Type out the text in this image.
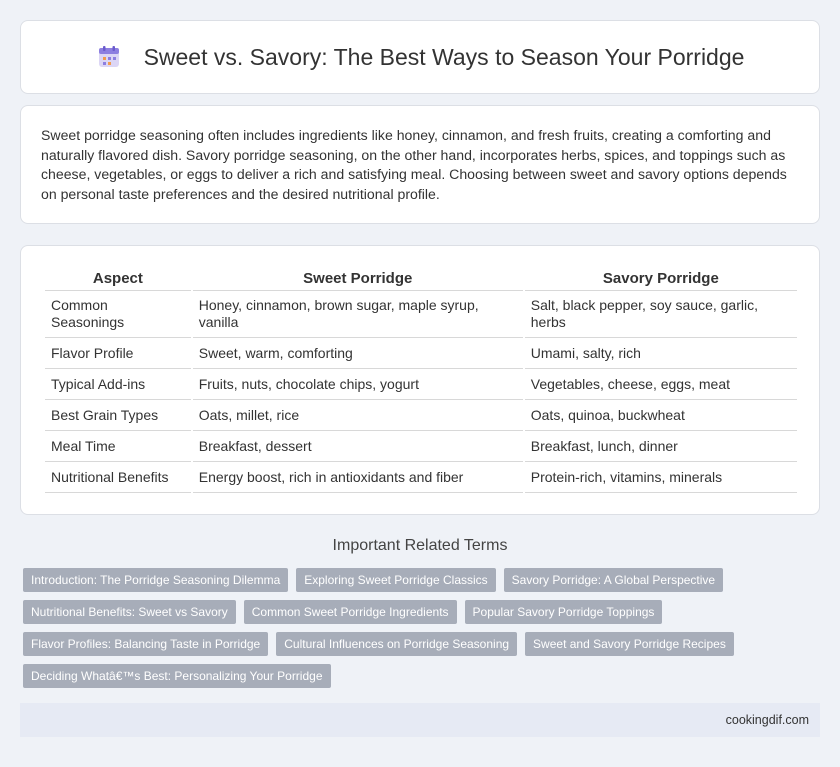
Sweet vs. Savory: The Best Ways to Season Your Porridge

Sweet porridge seasoning often includes ingredients like honey, cinnamon, and fresh fruits, creating a comforting and naturally flavored dish. Savory porridge seasoning, on the other hand, incorporates herbs, spices, and toppings such as cheese, vegetables, or eggs to deliver a rich and satisfying meal. Choosing between sweet and savory options depends on personal taste preferences and the desired nutritional profile.

Aspect	Sweet Porridge	Savory Porridge
Common Seasonings	Honey, cinnamon, brown sugar, maple syrup, vanilla	Salt, black pepper, soy sauce, garlic, herbs
Flavor Profile	Sweet, warm, comforting	Umami, salty, rich
Typical Add-ins	Fruits, nuts, chocolate chips, yogurt	Vegetables, cheese, eggs, meat
Best Grain Types	Oats, millet, rice	Oats, quinoa, buckwheat
Meal Time	Breakfast, dessert	Breakfast, lunch, dinner
Nutritional Benefits	Energy boost, rich in antioxidants and fiber	Protein-rich, vitamins, minerals
Important Related Terms
Introduction: The Porridge Seasoning Dilemma	Exploring Sweet Porridge Classics	Savory Porridge: A Global Perspective
Nutritional Benefits: Sweet vs Savory	Common Sweet Porridge Ingredients	Popular Savory Porridge Toppings
Flavor Profiles: Balancing Taste in Porridge	Cultural Influences on Porridge Seasoning	Sweet and Savory Porridge Recipes
Deciding Whatâ€™s Best: Personalizing Your Porridge
cookingdif.com
